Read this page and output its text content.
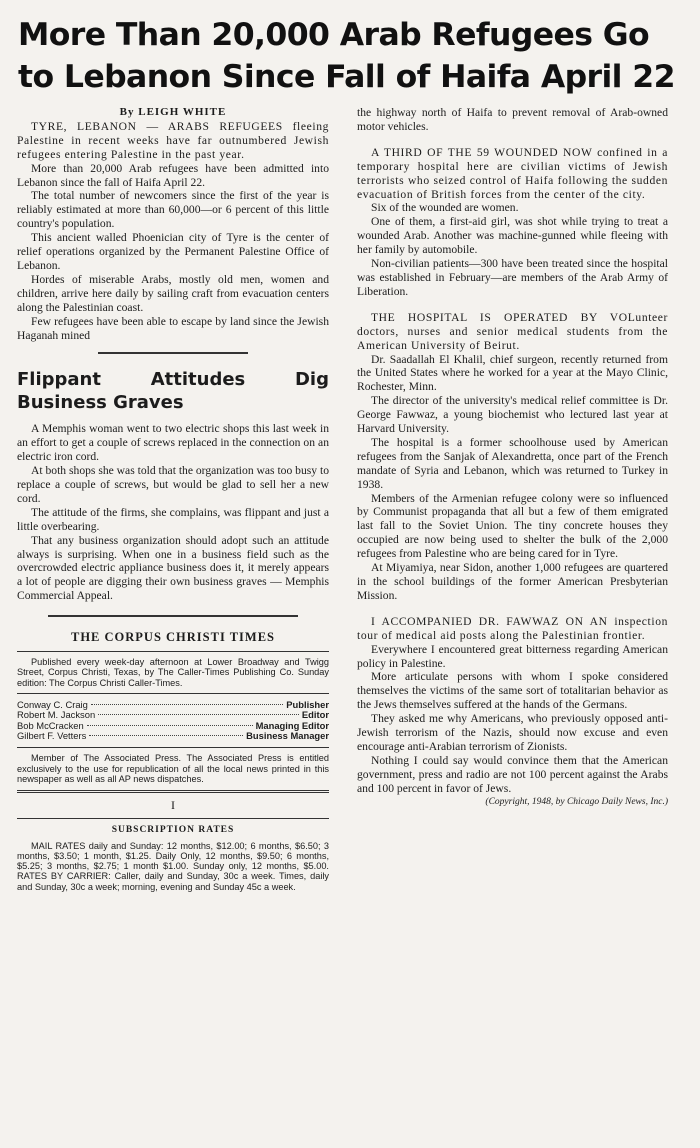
More Than 20,000 Arab Refugees Go to Lebanon Since Fall of Haifa April 22

By LEIGH WHITE

TYRE, LEBANON — ARABS REFUGEES fleeing Palestine in recent weeks have far outnumbered Jewish refugees entering Palestine in the past year.

More than 20,000 Arab refugees have been admitted into Lebanon since the fall of Haifa April 22.

The total number of newcomers since the first of the year is reliably estimated at more than 60,000—or 6 percent of this little country's population.

This ancient walled Phoenician city of Tyre is the center of relief operations organized by the Permanent Palestine Office of Lebanon.

Hordes of miserable Arabs, mostly old men, women and children, arrive here daily by sailing craft from evacuation centers along the Palestinian coast.

Few refugees have been able to escape by land since the Jewish Haganah mined

Flippant Attitudes Dig Business Graves

A Memphis woman went to two electric shops this last week in an effort to get a couple of screws replaced in the connection on an electric iron cord.

At both shops she was told that the organization was too busy to replace a couple of screws, but would be glad to sell her a new cord.

The attitude of the firms, she complains, was flippant and just a little overbearing.

That any business organization should adopt such an attitude always is surprising. When one in a business field such as the overcrowded electric appliance business does it, it merely appears a lot of people are digging their own business graves — Memphis Commercial Appeal.

THE CORPUS CHRISTI TIMES

Published every week-day afternoon at Lower Broadway and Twigg Street, Corpus Christi, Texas, by The Caller-Times Publishing Co. Sunday edition: The Corpus Christi Caller-Times.

Conway C. Craig	Publisher
Robert M. Jackson	Editor
Bob McCracken	Managing Editor
Gilbert F. Vetters	Business Manager

Member of The Associated Press. The Associated Press is entitled exclusively to the use for republication of all the local news printed in this newspaper as well as all AP news dispatches.

I
SUBSCRIPTION RATES

MAIL RATES daily and Sunday: 12 months, $12.00; 6 months, $6.50; 3 months, $3.50; 1 month, $1.25. Daily Only, 12 months, $9.50; 6 months, $5.25; 3 months, $2.75; 1 month $1.00. Sunday only, 12 months, $5.00. RATES BY CARRIER: Caller, daily and Sunday, 30c a week. Times, daily and Sunday, 30c a week; morning, evening and Sunday 45c a week.

the highway north of Haifa to prevent removal of Arab-owned motor vehicles.

A THIRD OF THE 59 WOUNDED NOW confined in a temporary hospital here are civilian victims of Jewish terrorists who seized control of Haifa following the sudden evacuation of British forces from the center of the city.

Six of the wounded are women.

One of them, a first-aid girl, was shot while trying to treat a wounded Arab. Another was machine-gunned while fleeing with her family by automobile.

Non-civilian patients—300 have been treated since the hospital was established in February—are members of the Arab Army of Liberation.

THE HOSPITAL IS OPERATED BY VOLunteer doctors, nurses and senior medical students from the American University of Beirut.

Dr. Saadallah El Khalil, chief surgeon, recently returned from the United States where he worked for a year at the Mayo Clinic, Rochester, Minn.

The director of the university's medical relief committee is Dr. George Fawwaz, a young biochemist who lectured last year at Harvard University.

The hospital is a former schoolhouse used by American refugees from the Sanjak of Alexandretta, once part of the French mandate of Syria and Lebanon, which was returned to Turkey in 1938.

Members of the Armenian refugee colony were so influenced by Communist propaganda that all but a few of them emigrated last fall to the Soviet Union. The tiny concrete houses they occupied are now being used to shelter the bulk of the 2,000 refugees from Palestine who are being cared for in Tyre.

At Miyamiya, near Sidon, another 1,000 refugees are quartered in the school buildings of the former American Presbyterian Mission.

I ACCOMPANIED DR. FAWWAZ ON AN inspection tour of medical aid posts along the Palestinian frontier.

Everywhere I encountered great bitterness regarding American policy in Palestine.

More articulate persons with whom I spoke considered themselves the victims of the same sort of totalitarian behavior as the Jews themselves suffered at the hands of the Germans.

They asked me why Americans, who previously opposed anti-Jewish terrorism of the Nazis, should now excuse and even encourage anti-Arabian terrorism of Zionists.

Nothing I could say would convince them that the American government, press and radio are not 100 percent against the Arabs and 100 percent in favor of Jews.

(Copyright, 1948, by Chicago Daily News, Inc.)
